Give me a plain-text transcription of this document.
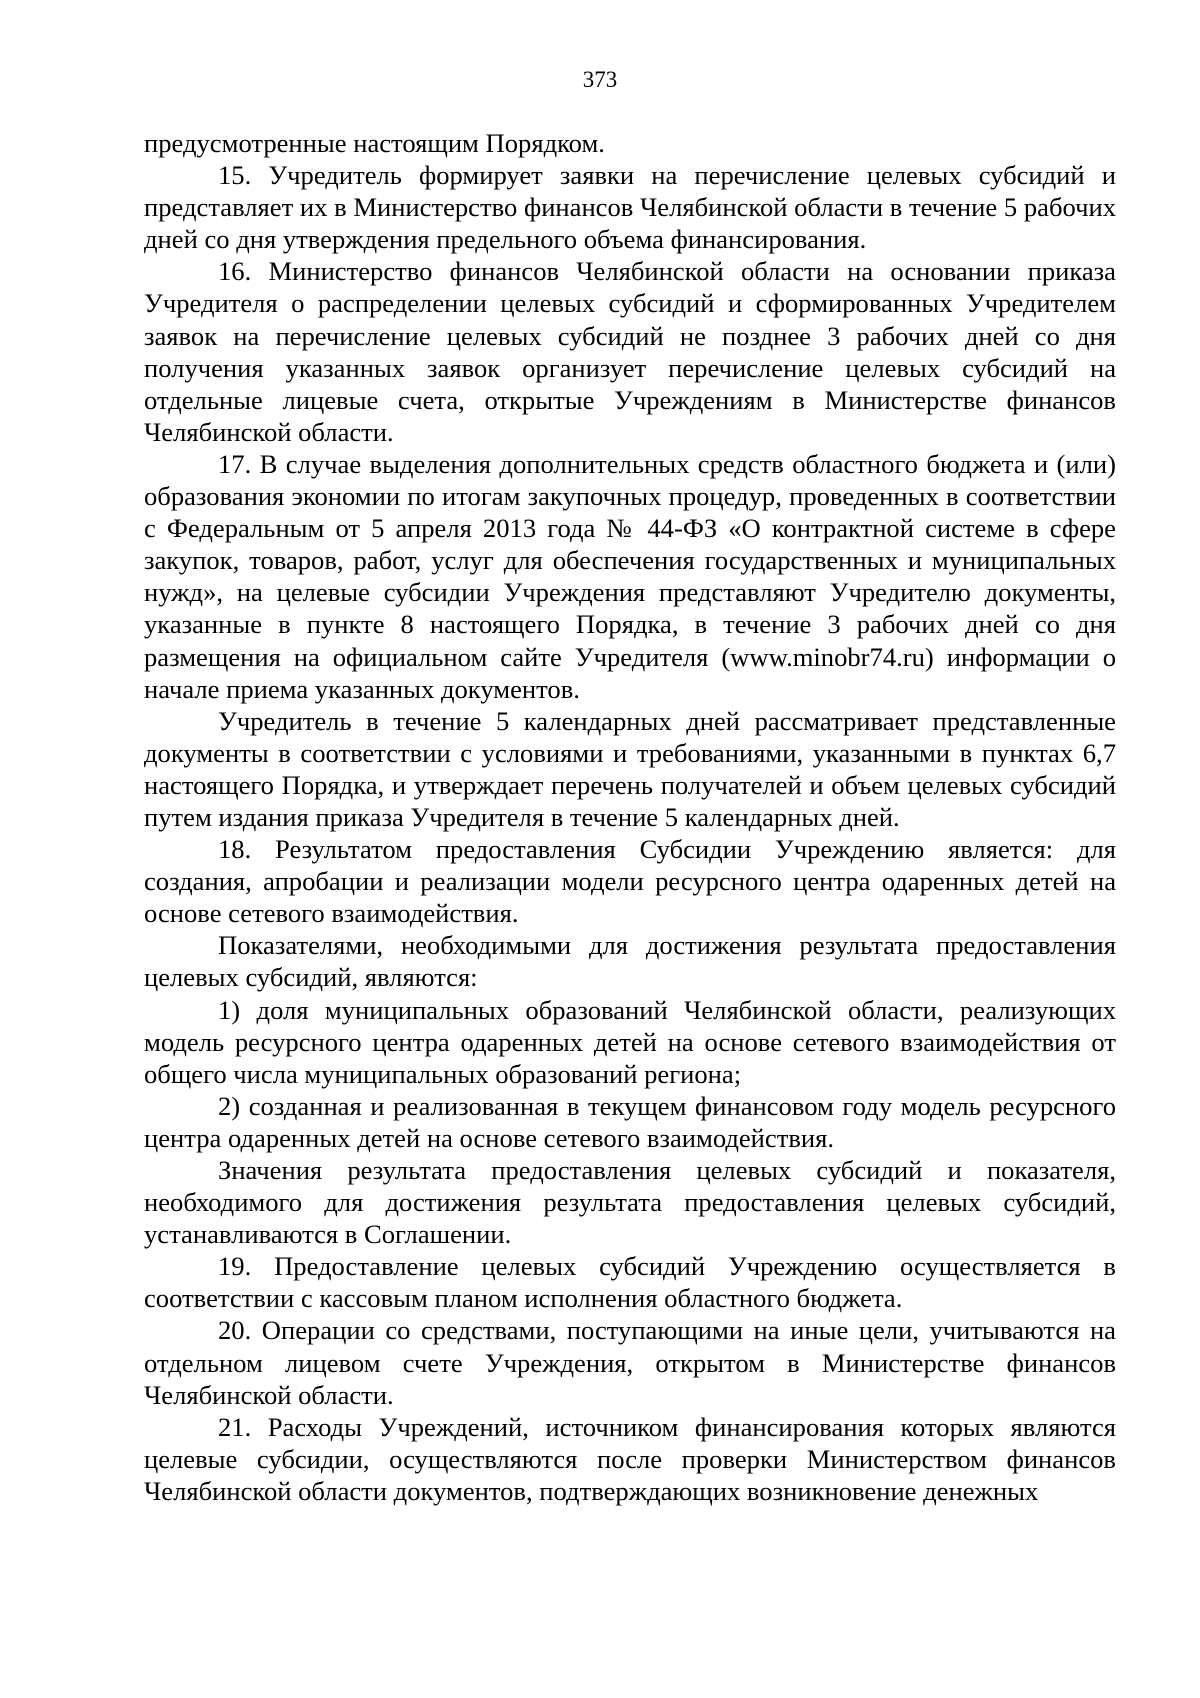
373

предусмотренные настоящим Порядком.

15. Учредитель формирует заявки на перечисление целевых субсидий и представляет их в Министерство финансов Челябинской области в течение 5 рабочих дней со дня утверждения предельного объема финансирования.

16. Министерство финансов Челябинской области на основании приказа Учредителя о распределении целевых субсидий и сформированных Учредителем заявок на перечисление целевых субсидий не позднее 3 рабочих дней со дня получения указанных заявок организует перечисление целевых субсидий на отдельные лицевые счета, открытые Учреждениям в Министерстве финансов Челябинской области.

17. В случае выделения дополнительных средств областного бюджета и (или) образования экономии по итогам закупочных процедур, проведенных в соответствии с Федеральным от 5 апреля 2013 года № 44-ФЗ «О контрактной системе в сфере закупок, товаров, работ, услуг для обеспечения государственных и муниципальных нужд», на целевые субсидии Учреждения представляют Учредителю документы, указанные в пункте 8 настоящего Порядка, в течение 3 рабочих дней со дня размещения на официальном сайте Учредителя (www.minobr74.ru) информации о начале приема указанных документов.

Учредитель в течение 5 календарных дней рассматривает представленные документы в соответствии с условиями и требованиями, указанными в пунктах 6,7 настоящего Порядка, и утверждает перечень получателей и объем целевых субсидий путем издания приказа Учредителя в течение 5 календарных дней.

18. Результатом предоставления Субсидии Учреждению является: для создания, апробации и реализации модели ресурсного центра одаренных детей на основе сетевого взаимодействия.

Показателями, необходимыми для достижения результата предоставления целевых субсидий, являются:

1) доля муниципальных образований Челябинской области, реализующих модель ресурсного центра одаренных детей на основе сетевого взаимодействия от общего числа муниципальных образований региона;

2) созданная и реализованная в текущем финансовом году модель ресурсного центра одаренных детей на основе сетевого взаимодействия.

Значения результата предоставления целевых субсидий и показателя, необходимого для достижения результата предоставления целевых субсидий, устанавливаются в Соглашении.

19. Предоставление целевых субсидий Учреждению осуществляется в соответствии с кассовым планом исполнения областного бюджета.

20. Операции со средствами, поступающими на иные цели, учитываются на отдельном лицевом счете Учреждения, открытом в Министерстве финансов Челябинской области.

21. Расходы Учреждений, источником финансирования которых являются целевые субсидии, осуществляются после проверки Министерством финансов Челябинской области документов, подтверждающих возникновение денежных
